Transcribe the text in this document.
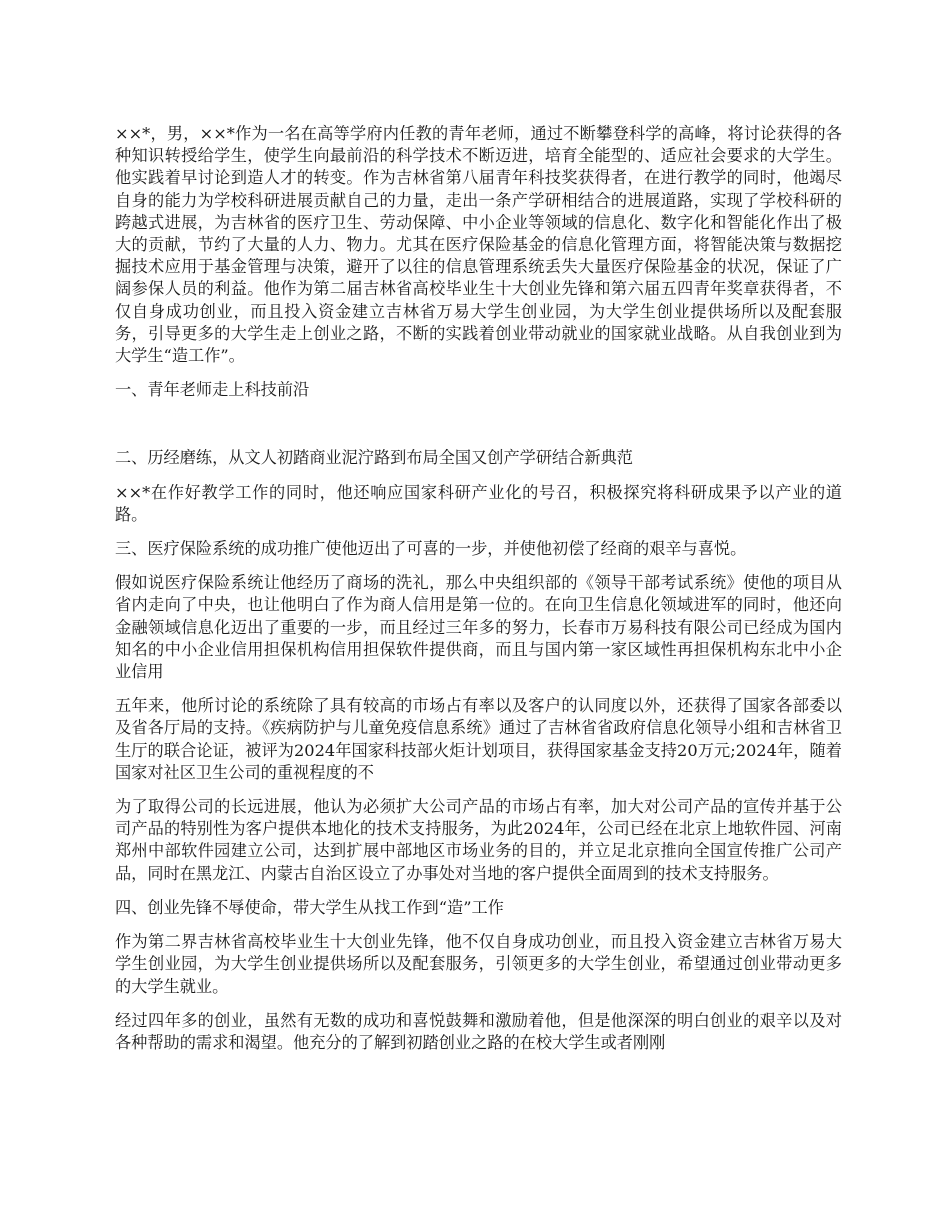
××*，男，××*作为一名在高等学府内任教的青年老师，通过不断攀登科学的高峰，将讨论获得的各种知识转授给学生，使学生向最前沿的科学技术不断迈进，培育全能型的、适应社会要求的大学生。他实践着早讨论到造人才的转变。作为吉林省第八届青年科技奖获得者，在进行教学的同时，他竭尽自身的能力为学校科研进展贡献自己的力量，走出一条产学研相结合的进展道路，实现了学校科研的跨越式进展，为吉林省的医疗卫生、劳动保障、中小企业等领域的信息化、数字化和智能化作出了极大的贡献，节约了大量的人力、物力。尤其在医疗保险基金的信息化管理方面，将智能决策与数据挖掘技术应用于基金管理与决策，避开了以往的信息管理系统丢失大量医疗保险基金的状况，保证了广阔参保人员的利益。他作为第二届吉林省高校毕业生十大创业先锋和第六届五四青年奖章获得者，不仅自身成功创业，而且投入资金建立吉林省万易大学生创业园，为大学生创业提供场所以及配套服务，引导更多的大学生走上创业之路，不断的实践着创业带动就业的国家就业战略。从自我创业到为大学生“造工作”。

一、青年老师走上科技前沿

二、历经磨练，从文人初踏商业泥泞路到布局全国又创产学研结合新典范

××*在作好教学工作的同时，他还响应国家科研产业化的号召，积极探究将科研成果予以产业的道路。

三、医疗保险系统的成功推广使他迈出了可喜的一步，并使他初偿了经商的艰辛与喜悦。

假如说医疗保险系统让他经历了商场的洗礼，那么中央组织部的《领导干部考试系统》使他的项目从省内走向了中央，也让他明白了作为商人信用是第一位的。在向卫生信息化领域进军的同时，他还向金融领域信息化迈出了重要的一步，而且经过三年多的努力，长春市万易科技有限公司已经成为国内知名的中小企业信用担保机构信用担保软件提供商，而且与国内第一家区域性再担保机构东北中小企业信用

五年来，他所讨论的系统除了具有较高的市场占有率以及客户的认同度以外，还获得了国家各部委以及省各厅局的支持。《疾病防护与儿童免疫信息系统》通过了吉林省省政府信息化领导小组和吉林省卫生厅的联合论证，被评为2024年国家科技部火炬计划项目，获得国家基金支持20万元;2024年，随着国家对社区卫生公司的重视程度的不

为了取得公司的长远进展，他认为必须扩大公司产品的市场占有率，加大对公司产品的宣传并基于公司产品的特别性为客户提供本地化的技术支持服务，为此2024年，公司已经在北京上地软件园、河南郑州中部软件园建立公司，达到扩展中部地区市场业务的目的，并立足北京推向全国宣传推广公司产品，同时在黑龙江、内蒙古自治区设立了办事处对当地的客户提供全面周到的技术支持服务。

四、创业先锋不辱使命，带大学生从找工作到“造”工作

作为第二界吉林省高校毕业生十大创业先锋，他不仅自身成功创业，而且投入资金建立吉林省万易大学生创业园，为大学生创业提供场所以及配套服务，引领更多的大学生创业，希望通过创业带动更多的大学生就业。

经过四年多的创业，虽然有无数的成功和喜悦鼓舞和激励着他，但是他深深的明白创业的艰辛以及对各种帮助的需求和渴望。他充分的了解到初踏创业之路的在校大学生或者刚刚
